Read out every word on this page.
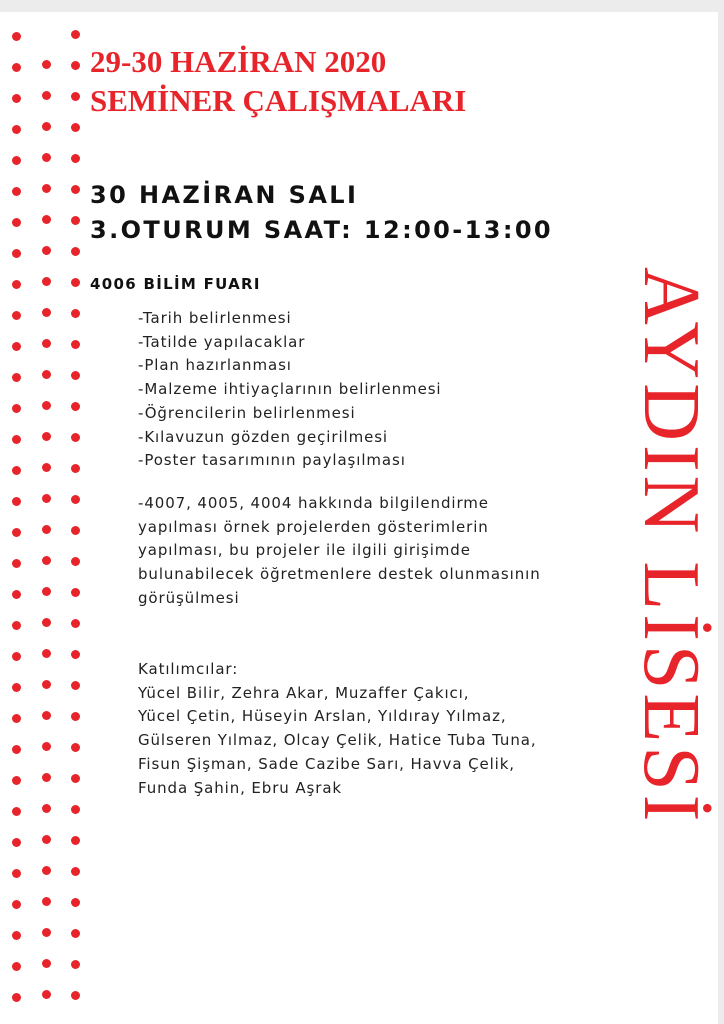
29-30 HAZİRAN 2020
SEMİNER ÇALIŞMALARI
30 HAZİRAN SALI
3.OTURUM SAAT: 12:00-13:00
4006 BİLİM FUARI
-Tarih belirlenmesi
-Tatilde yapılacaklar
-Plan hazırlanması
-Malzeme ihtiyaçlarının belirlenmesi
-Öğrencilerin belirlenmesi
-Kılavuzun gözden geçirilmesi
-Poster tasarımının paylaşılması
-4007, 4005, 4004 hakkında bilgilendirme
yapılması örnek projelerden gösterimlerin
yapılması, bu projeler ile ilgili girişimde
bulunabilecek öğretmenlere destek olunmasının
görüşülmesi
Katılımcılar:
Yücel Bilir, Zehra Akar, Muzaffer Çakıcı,
Yücel Çetin, Hüseyin Arslan, Yıldıray Yılmaz,
Gülseren Yılmaz, Olcay Çelik, Hatice Tuba Tuna,
Fisun Şişman, Sade Cazibe Sarı, Havva Çelik,
Funda Şahin, Ebru Aşrak	AYDIN LİSESİ
